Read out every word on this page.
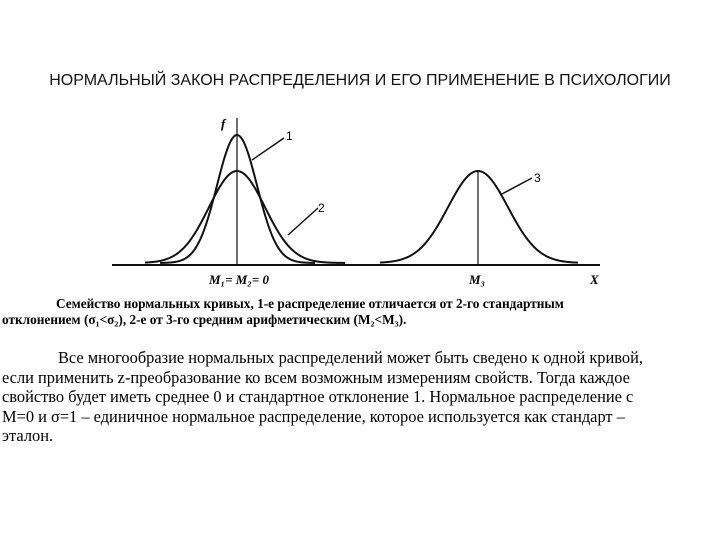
НОРМАЛЬНЫЙ ЗАКОН РАСПРЕДЕЛЕНИЯ И ЕГО ПРИМЕНЕНИЕ В ПСИХОЛОГИИ
f
1
2
3
M₁= M₂= 0	M₃	X
Семейство нормальных кривых, 1-е распределение отличается от 2-го стандартным
отклонением (σ₁<σ₂), 2-е от 3-го средним арифметическим (M₂<M₃).
Все многообразие нормальных распределений может быть сведено к одной кривой,
если применить z-преобразование ко всем возможным измерениям свойств. Тогда каждое
свойство будет иметь среднее 0 и стандартное отклонение 1. Нормальное распределение с
М=0 и σ=1 – единичное нормальное распределение, которое используется как стандарт –
эталон.
